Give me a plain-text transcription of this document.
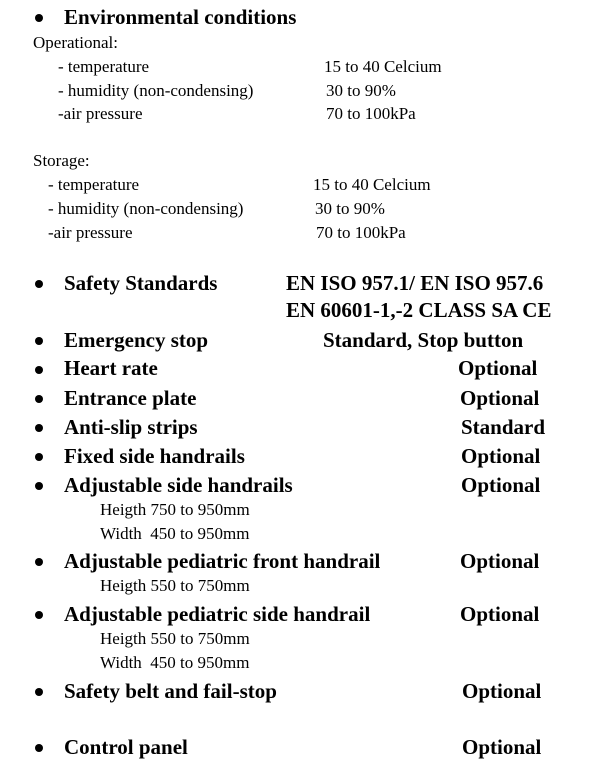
Environmental conditions
Operational:
- temperature	15 to 40 Celcium
- humidity (non-condensing)	30 to 90%
-air pressure	70 to 100kPa
Storage:
- temperature	15 to 40 Celcium
- humidity (non-condensing)	30 to 90%
-air pressure	70 to 100kPa
Safety Standards	EN ISO 957.1/ EN ISO 957.6
EN 60601-1,-2 CLASS SA CE
Emergency stop	Standard, Stop button
Heart rate	Optional
Entrance plate	Optional
Anti-slip strips	Standard
Fixed side handrails	Optional
Adjustable side handrails	Optional
Heigth 750 to 950mm
Width  450 to 950mm
Adjustable pediatric front handrail	Optional
Heigth 550 to 750mm
Adjustable pediatric side handrail	Optional
Heigth 550 to 750mm
Width  450 to 950mm
Safety belt and fail-stop	Optional
Control panel	Optional
